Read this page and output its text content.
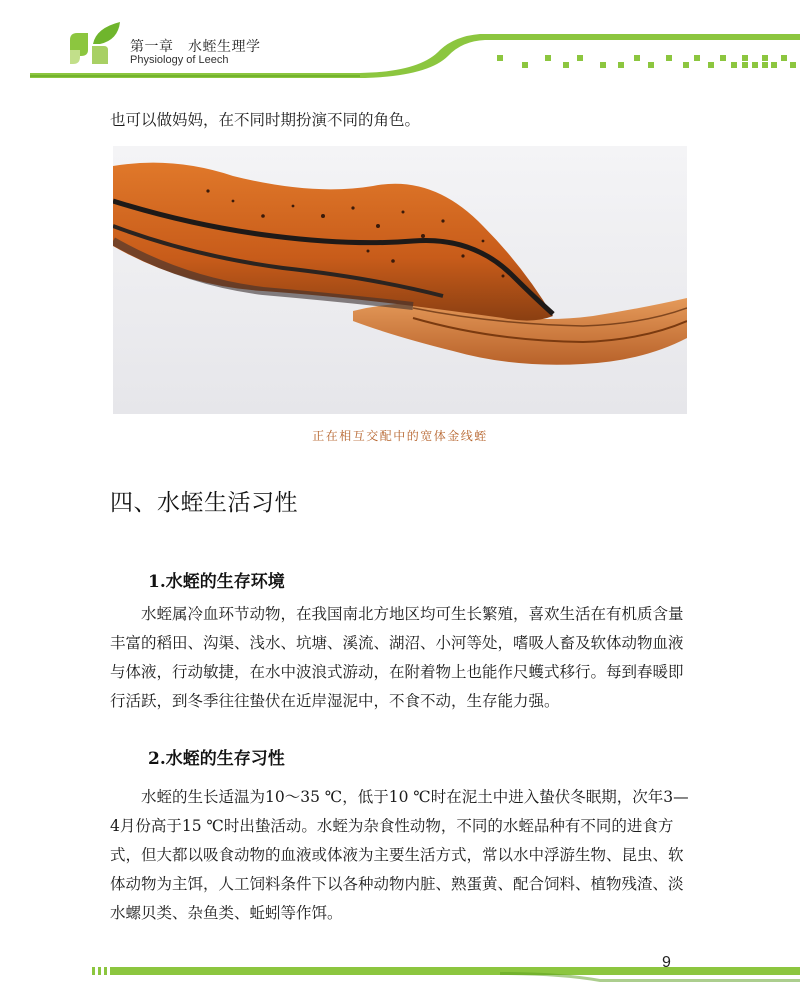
第一章　水蛭生理学
Physiology of Leech

也可以做妈妈，在不同时期扮演不同的角色。

正在相互交配中的宽体金线蛭
四、水蛭生活习性
1.水蛭的生存环境

水蛭属冷血环节动物，在我国南北方地区均可生长繁殖，喜欢生活在有机质含量丰富的稻田、沟渠、浅水、坑塘、溪流、湖沼、小河等处，嗜吸人畜及软体动物血液与体液，行动敏捷，在水中波浪式游动，在附着物上也能作尺蠖式移行。每到春暖即行活跃，到冬季往往蛰伏在近岸湿泥中，不食不动，生存能力强。

2.水蛭的生存习性

水蛭的生长适温为10～35 ℃，低于10 ℃时在泥土中进入蛰伏冬眠期，次年3—4月份高于15 ℃时出蛰活动。水蛭为杂食性动物，不同的水蛭品种有不同的进食方式，但大都以吸食动物的血液或体液为主要生活方式，常以水中浮游生物、昆虫、软体动物为主饵，人工饲料条件下以各种动物内脏、熟蛋黄、配合饲料、植物残渣、淡水螺贝类、杂鱼类、蚯蚓等作饵。

9
